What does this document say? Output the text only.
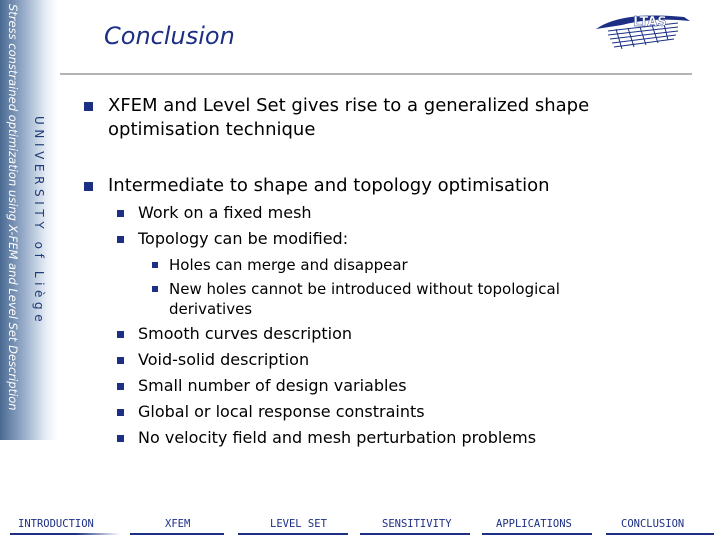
Stress constrained optimization using X-FEM and Level Set Description UNIVERSITY of Liège
Conclusion	LTAS
XFEM and Level Set gives rise to a generalized shape
optimisation technique
Intermediate to shape and topology optimisation
Work on a fixed mesh
Topology can be modified:
Holes can merge and disappear
New holes cannot be introduced without topological
derivatives
Smooth curves description
Void-solid description
Small number of design variables
Global or local response constraints
No velocity field and mesh perturbation problems
INTRODUCTION	XFEM	LEVEL SET	SENSITIVITY	APPLICATIONS	CONCLUSION
